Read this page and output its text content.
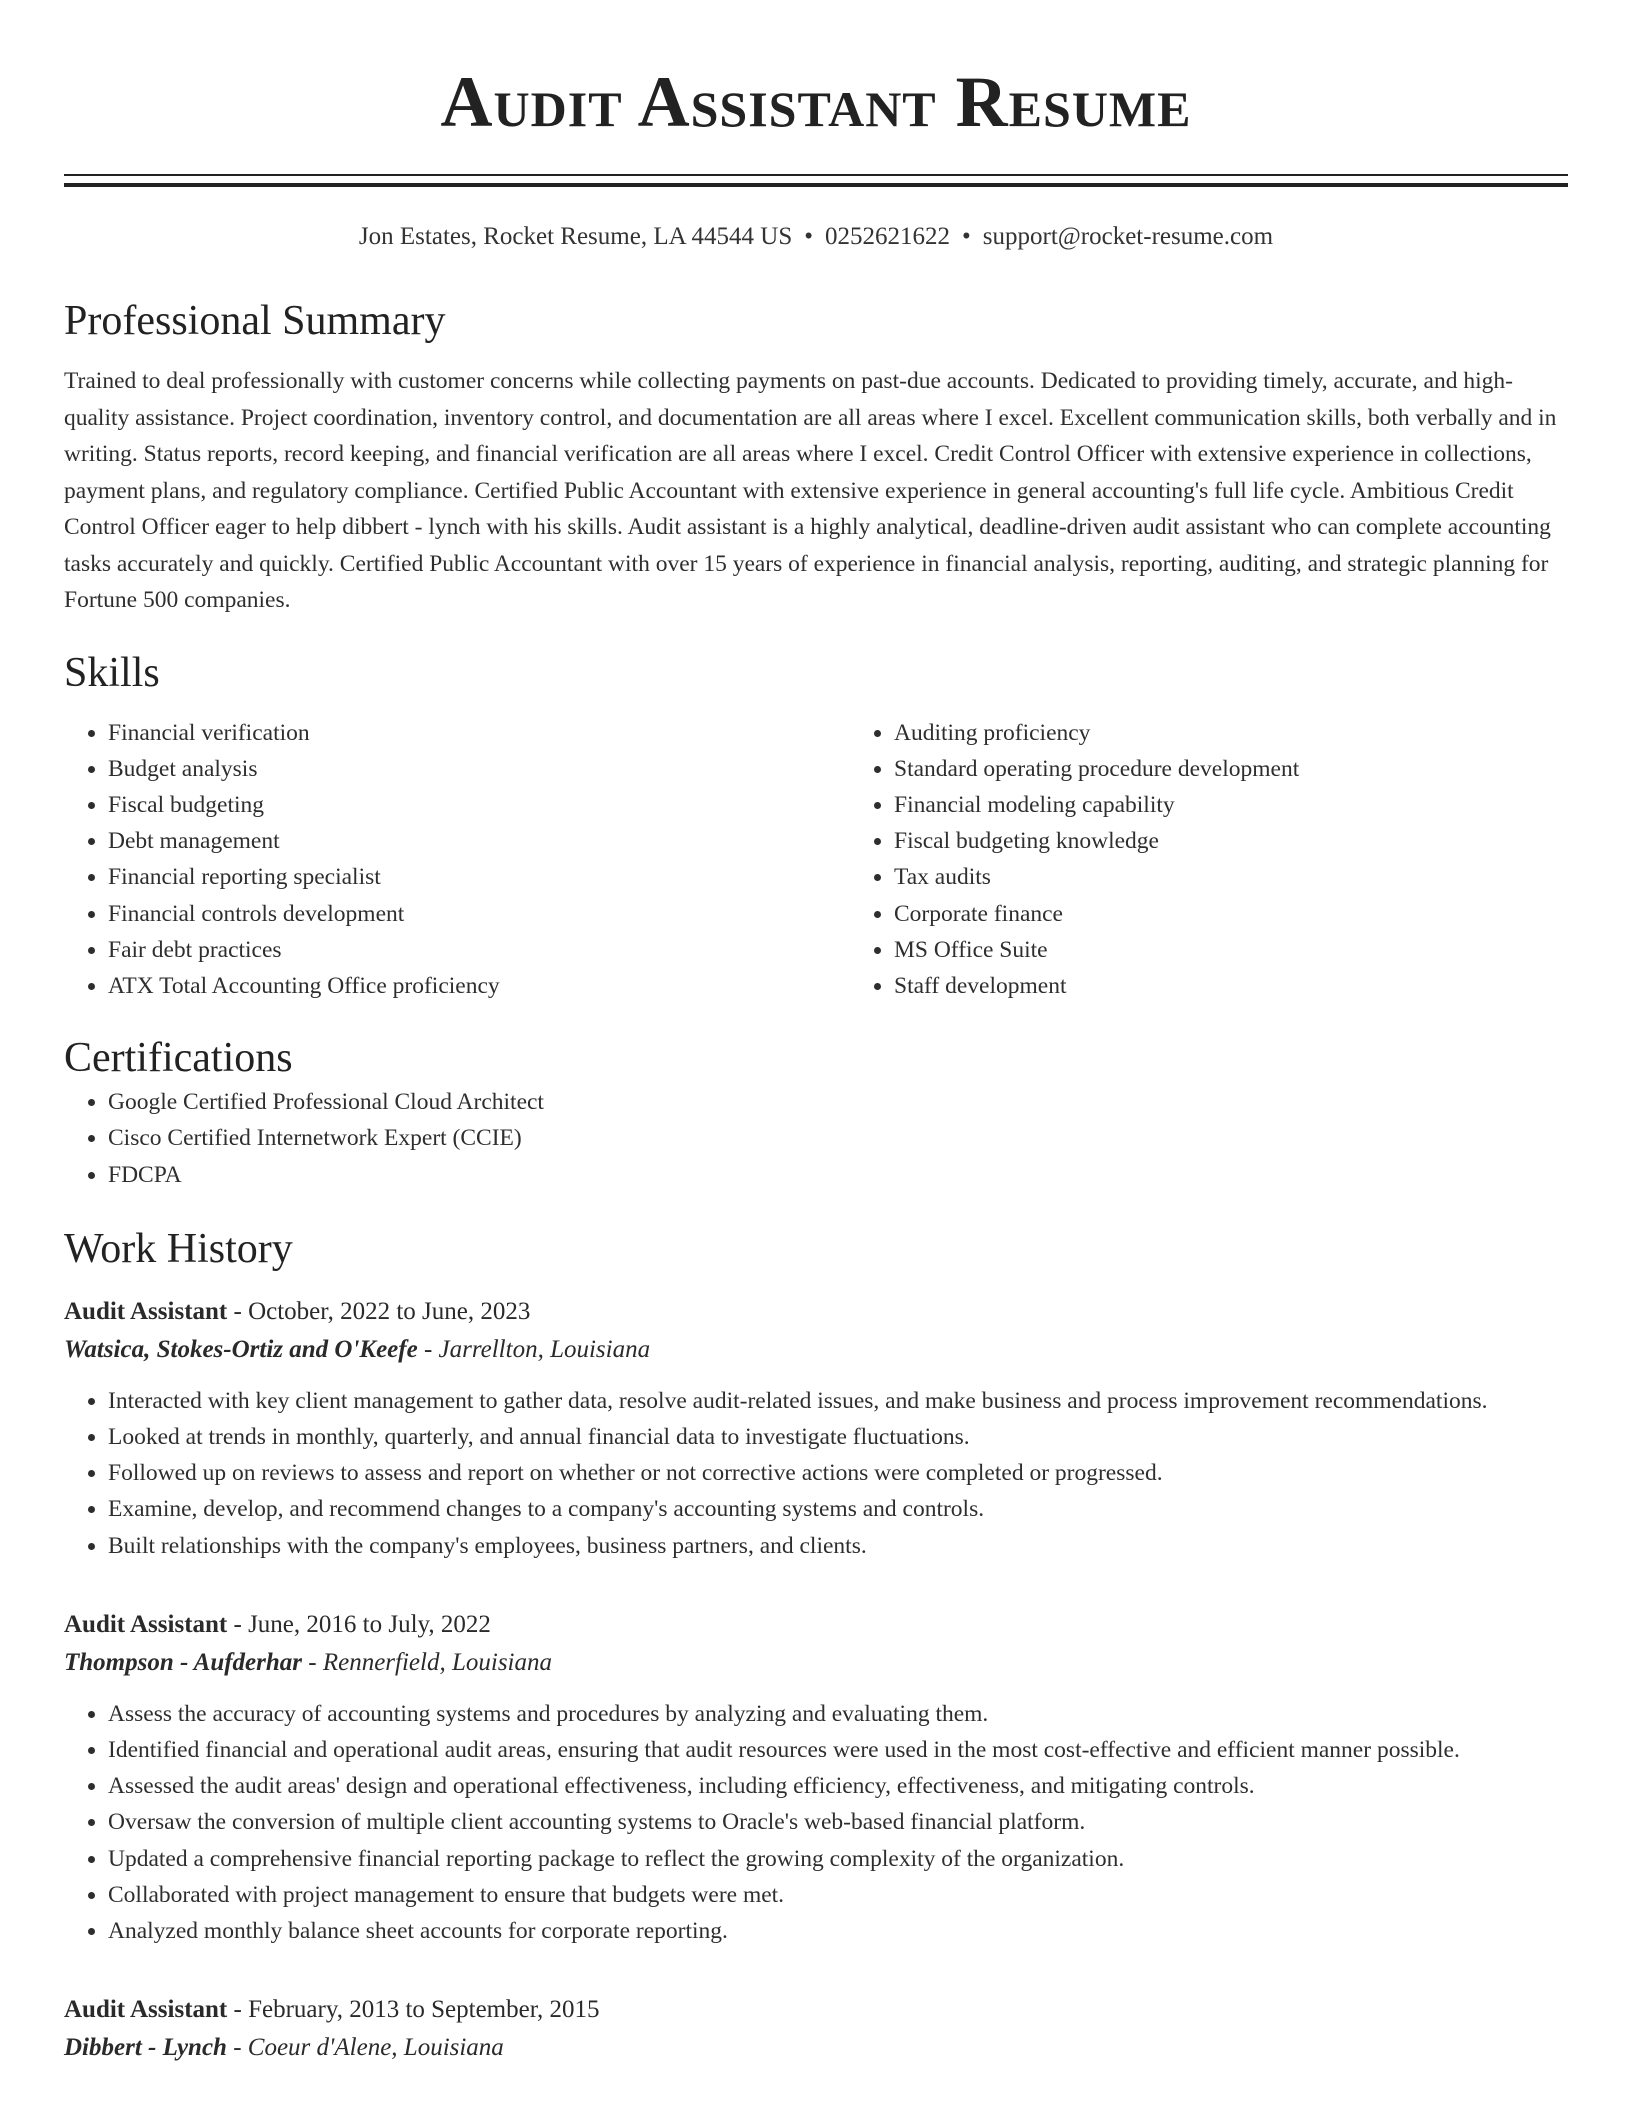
Audit Assistant Resume
Jon Estates, Rocket Resume, LA 44544 US • 0252621622 • support@rocket-resume.com
Professional Summary
Trained to deal professionally with customer concerns while collecting payments on past-due accounts. Dedicated to providing timely, accurate, and high-quality assistance. Project coordination, inventory control, and documentation are all areas where I excel. Excellent communication skills, both verbally and in writing. Status reports, record keeping, and financial verification are all areas where I excel. Credit Control Officer with extensive experience in collections, payment plans, and regulatory compliance. Certified Public Accountant with extensive experience in general accounting's full life cycle. Ambitious Credit Control Officer eager to help dibbert - lynch with his skills. Audit assistant is a highly analytical, deadline-driven audit assistant who can complete accounting tasks accurately and quickly. Certified Public Accountant with over 15 years of experience in financial analysis, reporting, auditing, and strategic planning for Fortune 500 companies.
Skills
• Financial verification
• Budget analysis
• Fiscal budgeting
• Debt management
• Financial reporting specialist
• Financial controls development
• Fair debt practices
• ATX Total Accounting Office proficiency
• Auditing proficiency
• Standard operating procedure development
• Financial modeling capability
• Fiscal budgeting knowledge
• Tax audits
• Corporate finance
• MS Office Suite
• Staff development
Certifications
• Google Certified Professional Cloud Architect
• Cisco Certified Internetwork Expert (CCIE)
• FDCPA
Work History
Audit Assistant - October, 2022 to June, 2023
Watsica, Stokes-Ortiz and O'Keefe - Jarrellton, Louisiana
• Interacted with key client management to gather data, resolve audit-related issues, and make business and process improvement recommendations.
• Looked at trends in monthly, quarterly, and annual financial data to investigate fluctuations.
• Followed up on reviews to assess and report on whether or not corrective actions were completed or progressed.
• Examine, develop, and recommend changes to a company's accounting systems and controls.
• Built relationships with the company's employees, business partners, and clients.
Audit Assistant - June, 2016 to July, 2022
Thompson - Aufderhar - Rennerfield, Louisiana
• Assess the accuracy of accounting systems and procedures by analyzing and evaluating them.
• Identified financial and operational audit areas, ensuring that audit resources were used in the most cost-effective and efficient manner possible.
• Assessed the audit areas' design and operational effectiveness, including efficiency, effectiveness, and mitigating controls.
• Oversaw the conversion of multiple client accounting systems to Oracle's web-based financial platform.
• Updated a comprehensive financial reporting package to reflect the growing complexity of the organization.
• Collaborated with project management to ensure that budgets were met.
• Analyzed monthly balance sheet accounts for corporate reporting.
Audit Assistant - February, 2013 to September, 2015
Dibbert - Lynch - Coeur d'Alene, Louisiana
